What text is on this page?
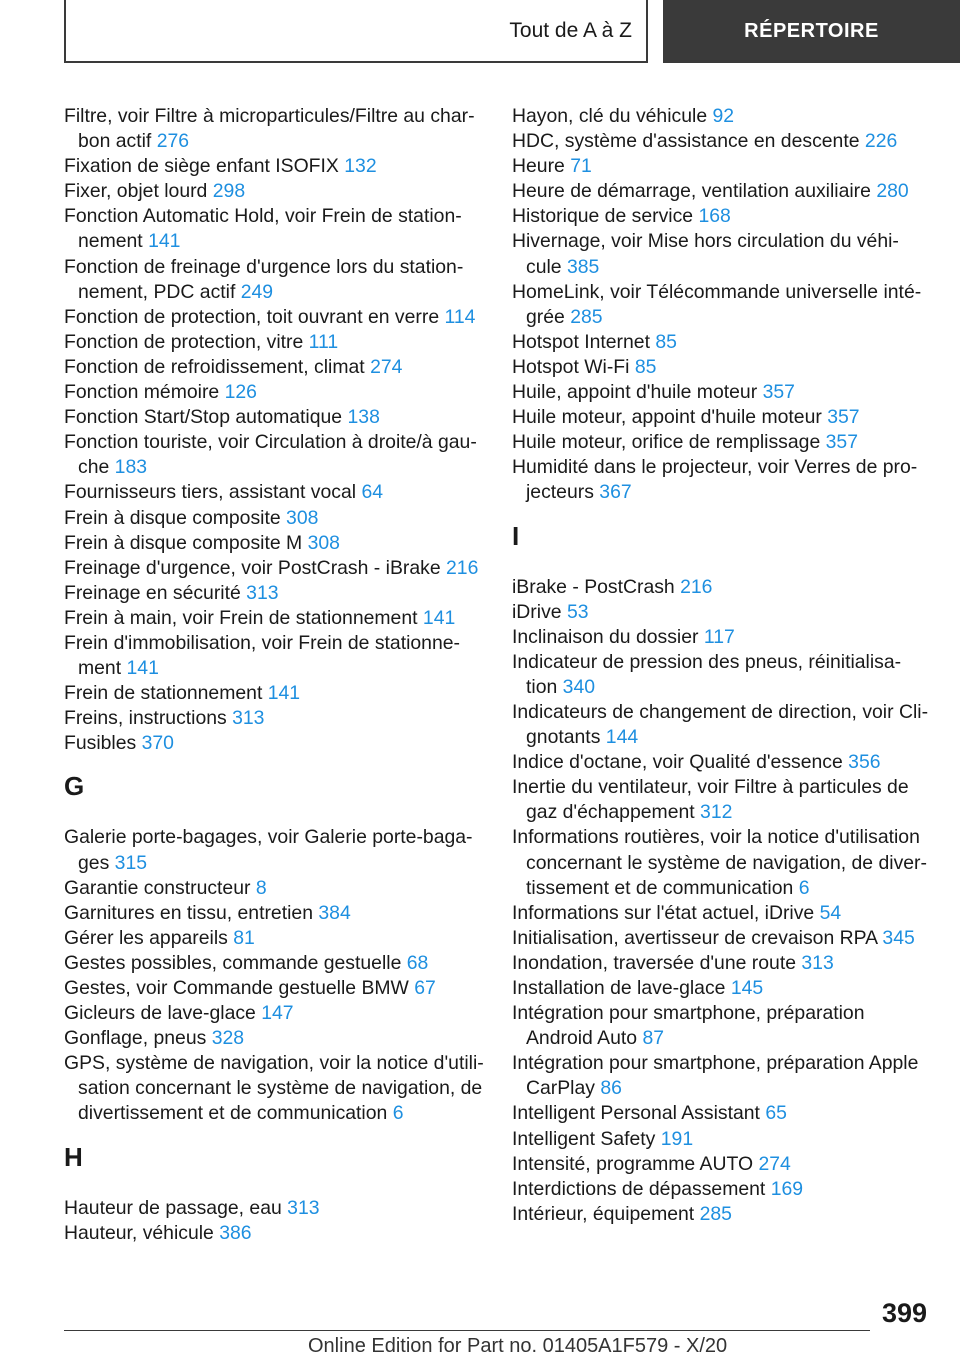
Tout de A à Z	RÉPERTOIRE
Filtre, voir Filtre à microparticules/Filtre au char‐
bon actif 276
Fixation de siège enfant ISOFIX 132
Fixer, objet lourd 298
Fonction Automatic Hold, voir Frein de station‐
nement 141
Fonction de freinage d'urgence lors du station‐
nement, PDC actif 249
Fonction de protection, toit ouvrant en verre 114
Fonction de protection, vitre 111
Fonction de refroidissement, climat 274
Fonction mémoire 126
Fonction Start/Stop automatique 138
Fonction touriste, voir Circulation à droite/à gau‐
che 183
Fournisseurs tiers, assistant vocal 64
Frein à disque composite 308
Frein à disque composite M 308
Freinage d'urgence, voir PostCrash - iBrake 216
Freinage en sécurité 313
Frein à main, voir Frein de stationnement 141
Frein d'immobilisation, voir Frein de stationne‐
ment 141
Frein de stationnement 141
Freins, instructions 313
Fusibles 370
G
Galerie porte-bagages, voir Galerie porte-baga‐
ges 315
Garantie constructeur 8
Garnitures en tissu, entretien 384
Gérer les appareils 81
Gestes possibles, commande gestuelle 68
Gestes, voir Commande gestuelle BMW 67
Gicleurs de lave-glace 147
Gonflage, pneus 328
GPS, système de navigation, voir la notice d'utili‐
sation concernant le système de navigation, de
divertissement et de communication 6
H
Hauteur de passage, eau 313
Hauteur, véhicule 386
Hayon, clé du véhicule 92
HDC, système d'assistance en descente 226
Heure 71
Heure de démarrage, ventilation auxiliaire 280
Historique de service 168
Hivernage, voir Mise hors circulation du véhi‐
cule 385
HomeLink, voir Télécommande universelle inté‐
grée 285
Hotspot Internet 85
Hotspot Wi-Fi 85
Huile, appoint d'huile moteur 357
Huile moteur, appoint d'huile moteur 357
Huile moteur, orifice de remplissage 357
Humidité dans le projecteur, voir Verres de pro‐
jecteurs 367
I
iBrake - PostCrash 216
iDrive 53
Inclinaison du dossier 117
Indicateur de pression des pneus, réinitialisa‐
tion 340
Indicateurs de changement de direction, voir Cli‐
gnotants 144
Indice d'octane, voir Qualité d'essence 356
Inertie du ventilateur, voir Filtre à particules de
gaz d'échappement 312
Informations routières, voir la notice d'utilisation
concernant le système de navigation, de diver‐
tissement et de communication 6
Informations sur l'état actuel, iDrive 54
Initialisation, avertisseur de crevaison RPA 345
Inondation, traversée d'une route 313
Installation de lave-glace 145
Intégration pour smartphone, préparation
Android Auto 87
Intégration pour smartphone, préparation Apple
CarPlay 86
Intelligent Personal Assistant 65
Intelligent Safety 191
Intensité, programme AUTO 274
Interdictions de dépassement 169
Intérieur, équipement 285
399
Online Edition for Part no. 01405A1F579 - X/20
